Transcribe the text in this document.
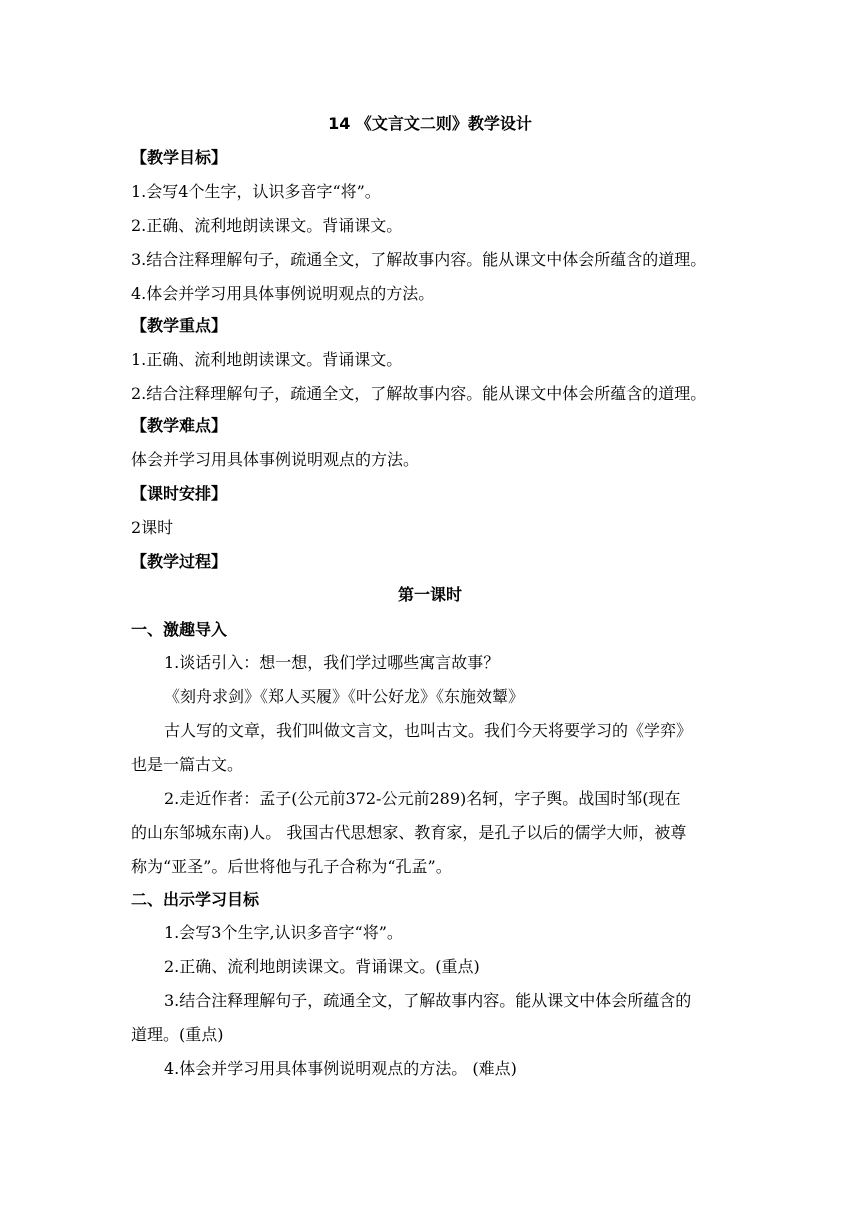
14 《文言文二则》教学设计
【教学目标】
1.会写4个生字，认识多音字“将”。
2.正确、流利地朗读课文。背诵课文。
3.结合注释理解句子，疏通全文，了解故事内容。能从课文中体会所蕴含的道理。
4.体会并学习用具体事例说明观点的方法。
【教学重点】
1.正确、流利地朗读课文。背诵课文。
2.结合注释理解句子，疏通全文，了解故事内容。能从课文中体会所蕴含的道理。
【教学难点】
体会并学习用具体事例说明观点的方法。
【课时安排】
2课时
【教学过程】
第一课时
一、激趣导入
1.谈话引入：想一想，我们学过哪些寓言故事？
《刻舟求剑》《郑人买履》《叶公好龙》《东施效颦》
古人写的文章，我们叫做文言文，也叫古文。我们今天将要学习的《学弈》
也是一篇古文。
2.走近作者：孟子(公元前372-公元前289)名轲，字子舆。战国时邹(现在
的山东邹城东南)人。 我国古代思想家、教育家，是孔子以后的儒学大师，被尊
称为“亚圣”。后世将他与孔子合称为“孔孟”。
二、出示学习目标
1.会写3个生字,认识多音字“将”。
2.正确、流利地朗读课文。背诵课文。(重点)
3.结合注释理解句子，疏通全文，了解故事内容。能从课文中体会所蕴含的
道理。(重点)
4.体会并学习用具体事例说明观点的方法。 (难点)
